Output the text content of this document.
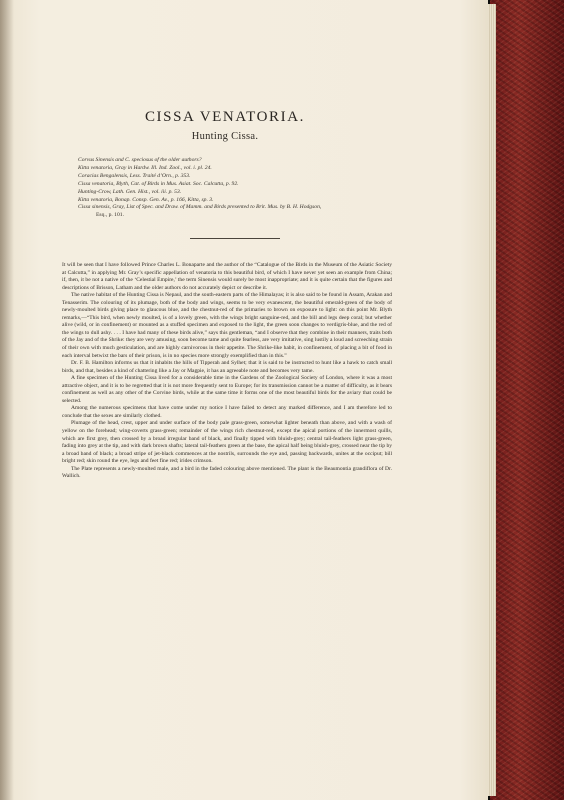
CISSA VENATORIA.
Hunting Cissa.
Corvus Sinensis and C. speciosus of the older authors?
Kitta venatoria, Gray in Hardw. Ill. Ind. Zool., vol. i. pl. 24.
Coracias Bengalensis, Less. Traité d’Orn., p. 353.
Cissa venatoria, Blyth, Cat. of Birds in Mus. Asiat. Soc. Calcutta, p. 92.
Hunting-Crow, Lath. Gen. Hist., vol. iii. p. 53.
Kitta venatoria, Bonap. Consp. Gen. Av., p. 166, Kitta, sp. 3.
Cissa sinensis, Gray, List of Spec. and Draw. of Mamm. and Birds presented to Brit. Mus. by B. H. Hodgson,
Esq., p. 101.

It will be seen that I have followed Prince Charles L. Bonaparte and the author of the “Catalogue of the Birds in the Museum of the Asiatic Society at Calcutta,” in applying Mr. Gray’s specific appellation of venatoria to this beautiful bird, of which I have never yet seen an example from China; if, then, it be not a native of the ‘Celestial Empire,’ the term Sinensis would surely be most inappropriate; and it is quite certain that the figures and descriptions of Brisson, Latham and the older authors do not accurately depict or describe it.

The native habitat of the Hunting Cissa is Nepaul, and the south-eastern parts of the Himalayas; it is also said to be found in Assam, Arakan and Tenasserim. The colouring of its plumage, both of the body and wings, seems to be very evanescent, the beautiful emerald-green of the body of newly-moulted birds giving place to glaucous blue, and the chestnut-red of the primaries to brown on exposure to light: on this point Mr. Blyth remarks,—“This bird, when newly moulted, is of a lovely green, with the wings bright sanguine-red, and the bill and legs deep coral; but whether alive (wild, or in confinement) or mounted as a stuffed specimen and exposed to the light, the green soon changes to verdigris-blue, and the red of the wings to dull ashy. . . . I have had many of these birds alive,” says this gentleman, “and I observe that they combine in their manners, traits both of the Jay and of the Shrike: they are very amusing, soon become tame and quite fearless, are very imitative, sing lustily a loud and screeching strain of their own with much gesticulation, and are highly carnivorous in their appetite. The Shrike-like habit, in confinement, of placing a bit of food in each interval betwixt the bars of their prison, is in no species more strongly exemplified than in this.”

Dr. F. B. Hamilton informs us that it inhabits the hills of Tipperah and Sylhet; that it is said to be instructed to hunt like a hawk to catch small birds, and that, besides a kind of chattering like a Jay or Magpie, it has an agreeable note and becomes very tame.

A fine specimen of the Hunting Cissa lived for a considerable time in the Gardens of the Zoological Society of London, where it was a most attractive object, and it is to be regretted that it is not more frequently sent to Europe; for its transmission cannot be a matter of difficulty, as it bears confinement as well as any other of the Corvine birds, while at the same time it forms one of the most beautiful birds for the aviary that could be selected.

Among the numerous specimens that have come under my notice I have failed to detect any marked difference, and I am therefore led to conclude that the sexes are similarly clothed.

Plumage of the head, crest, upper and under surface of the body pale grass-green, somewhat lighter beneath than above, and with a wash of yellow on the forehead; wing-coverts grass-green; remainder of the wings rich chestnut-red, except the apical portions of the innermost quills, which are first grey, then crossed by a broad irregular band of black, and finally tipped with bluish-grey; central tail-feathers light grass-green, fading into grey at the tip, and with dark brown shafts; lateral tail-feathers green at the base, the apical half being bluish-grey, crossed near the tip by a broad band of black; a broad stripe of jet-black commences at the nostrils, surrounds the eye and, passing backwards, unites at the occiput; bill bright red; skin round the eye, legs and feet fine red; irides crimson.

The Plate represents a newly-moulted male, and a bird in the faded colouring above mentioned. The plant is the Beaumontia grandiflora of Dr. Wallich.
